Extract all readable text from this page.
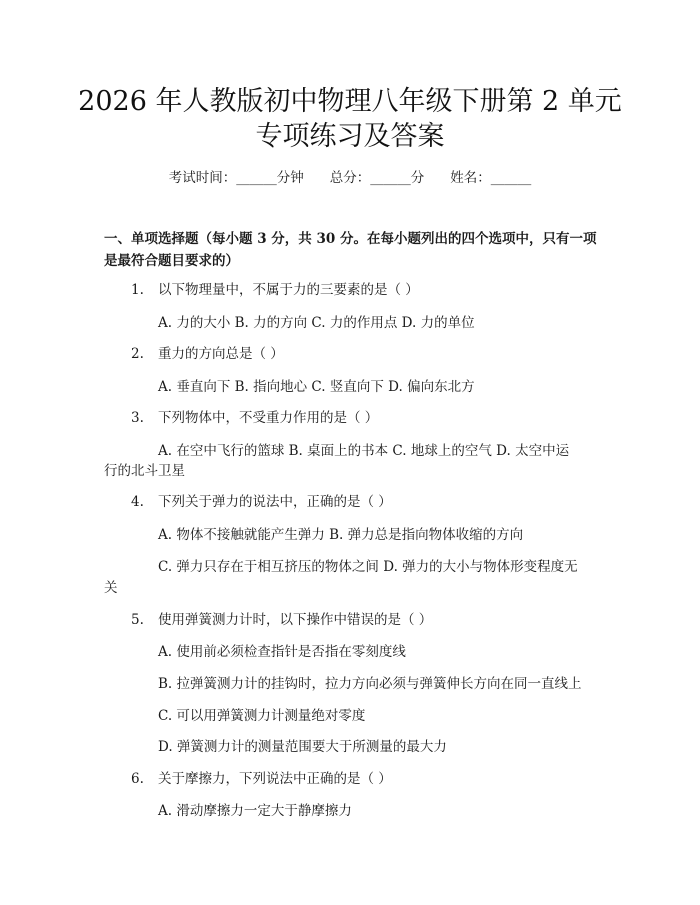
2026 年人教版初中物理八年级下册第 2 单元
专项练习及答案
考试时间：______分钟 总分：______分 姓名：______
一、单项选择题（每小题 3 分，共 30 分。在每小题列出的四个选项中，只有一项
是最符合题目要求的）
1. 以下物理量中，不属于力的三要素的是（ ）
A. 力的大小 B. 力的方向 C. 力的作用点 D. 力的单位
2. 重力的方向总是（ ）
A. 垂直向下 B. 指向地心 C. 竖直向下 D. 偏向东北方
3. 下列物体中，不受重力作用的是（ ）
A. 在空中飞行的篮球 B. 桌面上的书本 C. 地球上的空气 D. 太空中运
行的北斗卫星
4. 下列关于弹力的说法中，正确的是（ ）
A. 物体不接触就能产生弹力 B. 弹力总是指向物体收缩的方向
C. 弹力只存在于相互挤压的物体之间 D. 弹力的大小与物体形变程度无
关
5. 使用弹簧测力计时，以下操作中错误的是（ ）
A. 使用前必须检查指针是否指在零刻度线
B. 拉弹簧测力计的挂钩时，拉力方向必须与弹簧伸长方向在同一直线上
C. 可以用弹簧测力计测量绝对零度
D. 弹簧测力计的测量范围要大于所测量的最大力
6. 关于摩擦力，下列说法中正确的是（ ）
A. 滑动摩擦力一定大于静摩擦力
